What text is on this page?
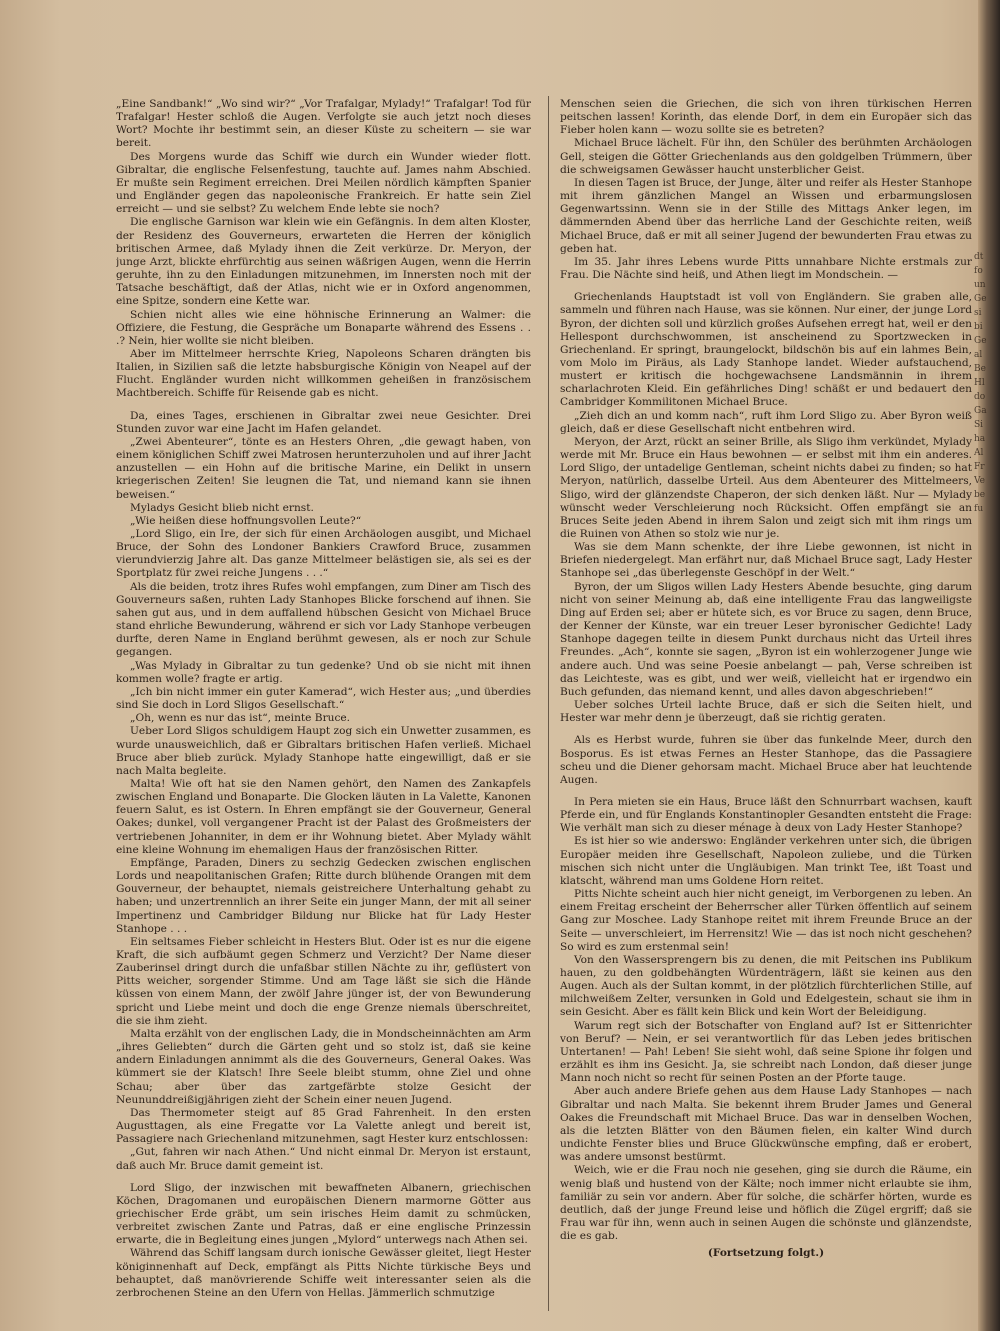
„Eine Sandbank!“ „Wo sind wir?“ „Vor Trafalgar, Mylady!“ Trafalgar! Tod für Trafalgar! Hester schloß die Augen. Verfolgte sie auch jetzt noch dieses Wort? Mochte ihr bestimmt sein, an dieser Küste zu scheitern — sie war bereit.

Des Morgens wurde das Schiff wie durch ein Wunder wieder flott. Gibraltar, die englische Felsenfestung, tauchte auf. James nahm Abschied. Er mußte sein Regiment erreichen. Drei Meilen nördlich kämpften Spanier und Engländer gegen das napoleonische Frankreich. Er hatte sein Ziel erreicht — und sie selbst? Zu welchem Ende lebte sie noch?

Die englische Garnison war klein wie ein Gefängnis. In dem alten Kloster, der Residenz des Gouverneurs, erwarteten die Herren der königlich britischen Armee, daß Mylady ihnen die Zeit verkürze. Dr. Meryon, der junge Arzt, blickte ehrfürchtig aus seinen wäßrigen Augen, wenn die Herrin geruhte, ihn zu den Einladungen mitzunehmen, im Innersten noch mit der Tatsache beschäftigt, daß der Atlas, nicht wie er in Oxford angenommen, eine Spitze, sondern eine Kette war.

Schien nicht alles wie eine höhnische Erinnerung an Walmer: die Offiziere, die Festung, die Gespräche um Bonaparte während des Essens . . .? Nein, hier wollte sie nicht bleiben.

Aber im Mittelmeer herrschte Krieg, Napoleons Scharen drängten bis Italien, in Sizilien saß die letzte habsburgische Königin von Neapel auf der Flucht. Engländer wurden nicht willkommen geheißen in französischem Machtbereich. Schiffe für Reisende gab es nicht.

Da, eines Tages, erschienen in Gibraltar zwei neue Gesichter. Drei Stunden zuvor war eine Jacht im Hafen gelandet.

„Zwei Abenteurer“, tönte es an Hesters Ohren, „die gewagt haben, von einem königlichen Schiff zwei Matrosen herunterzuholen und auf ihrer Jacht anzustellen — ein Hohn auf die britische Marine, ein Delikt in unsern kriegerischen Zeiten! Sie leugnen die Tat, und niemand kann sie ihnen beweisen.“

Myladys Gesicht blieb nicht ernst.

„Wie heißen diese hoffnungsvollen Leute?“

„Lord Sligo, ein Ire, der sich für einen Archäologen ausgibt, und Michael Bruce, der Sohn des Londoner Bankiers Crawford Bruce, zusammen vierundvierzig Jahre alt. Das ganze Mittelmeer belästigen sie, als sei es der Sportplatz für zwei reiche Jungens . . .“

Als die beiden, trotz ihres Rufes wohl empfangen, zum Diner am Tisch des Gouverneurs saßen, ruhten Lady Stanhopes Blicke forschend auf ihnen. Sie sahen gut aus, und in dem auffallend hübschen Gesicht von Michael Bruce stand ehrliche Bewunderung, während er sich vor Lady Stanhope verbeugen durfte, deren Name in England berühmt gewesen, als er noch zur Schule gegangen.

„Was Mylady in Gibraltar zu tun gedenke? Und ob sie nicht mit ihnen kommen wolle? fragte er artig.

„Ich bin nicht immer ein guter Kamerad“, wich Hester aus; „und überdies sind Sie doch in Lord Sligos Gesellschaft.“

„Oh, wenn es nur das ist“, meinte Bruce.

Ueber Lord Sligos schuldigem Haupt zog sich ein Unwetter zusammen, es wurde unausweichlich, daß er Gibraltars britischen Hafen verließ. Michael Bruce aber blieb zurück. Mylady Stanhope hatte eingewilligt, daß er sie nach Malta begleite.

Malta! Wie oft hat sie den Namen gehört, den Namen des Zankapfels zwischen England und Bonaparte. Die Glocken läuten in La Valette, Kanonen feuern Salut, es ist Ostern. In Ehren empfängt sie der Gouverneur, General Oakes; dunkel, voll vergangener Pracht ist der Palast des Großmeisters der vertriebenen Johanniter, in dem er ihr Wohnung bietet. Aber Mylady wählt eine kleine Wohnung im ehemaligen Haus der französischen Ritter.

Empfänge, Paraden, Diners zu sechzig Gedecken zwischen englischen Lords und neapolitanischen Grafen; Ritte durch blühende Orangen mit dem Gouverneur, der behauptet, niemals geistreichere Unterhaltung gehabt zu haben; und unzertrennlich an ihrer Seite ein junger Mann, der mit all seiner Impertinenz und Cambridger Bildung nur Blicke hat für Lady Hester Stanhope . . .

Ein seltsames Fieber schleicht in Hesters Blut. Oder ist es nur die eigene Kraft, die sich aufbäumt gegen Schmerz und Verzicht? Der Name dieser Zauberinsel dringt durch die unfaßbar stillen Nächte zu ihr, geflüstert von Pitts weicher, sorgender Stimme. Und am Tage läßt sie sich die Hände küssen von einem Mann, der zwölf Jahre jünger ist, der von Bewunderung spricht und Liebe meint und doch die enge Grenze niemals überschreitet, die sie ihm zieht.

Malta erzählt von der englischen Lady, die in Mondscheinnächten am Arm „ihres Geliebten“ durch die Gärten geht und so stolz ist, daß sie keine andern Einladungen annimmt als die des Gouverneurs, General Oakes. Was kümmert sie der Klatsch! Ihre Seele bleibt stumm, ohne Ziel und ohne Schau; aber über das zartgefärbte stolze Gesicht der Neununddreißigjährigen zieht der Schein einer neuen Jugend.

Das Thermometer steigt auf 85 Grad Fahrenheit. In den ersten Augusttagen, als eine Fregatte vor La Valette anlegt und bereit ist, Passagiere nach Griechenland mitzunehmen, sagt Hester kurz entschlossen:

„Gut, fahren wir nach Athen.“ Und nicht einmal Dr. Meryon ist erstaunt, daß auch Mr. Bruce damit gemeint ist.

Lord Sligo, der inzwischen mit bewaffneten Albanern, griechischen Köchen, Dragomanen und europäischen Dienern marmorne Götter aus griechischer Erde gräbt, um sein irisches Heim damit zu schmücken, verbreitet zwischen Zante und Patras, daß er eine englische Prinzessin erwarte, die in Begleitung eines jungen „Mylord“ unterwegs nach Athen sei.

Während das Schiff langsam durch ionische Gewässer gleitet, liegt Hester königinnenhaft auf Deck, empfängt als Pitts Nichte türkische Beys und behauptet, daß manövrierende Schiffe weit interessanter seien als die zerbrochenen Steine an den Ufern von Hellas. Jämmerlich schmutzige

Menschen seien die Griechen, die sich von ihren türkischen Herren peitschen lassen! Korinth, das elende Dorf, in dem ein Europäer sich das Fieber holen kann — wozu sollte sie es betreten?

Michael Bruce lächelt. Für ihn, den Schüler des berühmten Archäologen Gell, steigen die Götter Griechenlands aus den goldgelben Trümmern, über die schweigsamen Gewässer haucht unsterblicher Geist.

In diesen Tagen ist Bruce, der Junge, älter und reifer als Hester Stanhope mit ihrem gänzlichen Mangel an Wissen und erbarmungslosen Gegenwartssinn. Wenn sie in der Stille des Mittags Anker legen, im dämmernden Abend über das herrliche Land der Geschichte reiten, weiß Michael Bruce, daß er mit all seiner Jugend der bewunderten Frau etwas zu geben hat.

Im 35. Jahr ihres Lebens wurde Pitts unnahbare Nichte erstmals zur Frau. Die Nächte sind heiß, und Athen liegt im Mondschein. —

Griechenlands Hauptstadt ist voll von Engländern. Sie graben alle, sammeln und führen nach Hause, was sie können. Nur einer, der junge Lord Byron, der dichten soll und kürzlich großes Aufsehen erregt hat, weil er den Hellespont durchschwommen, ist anscheinend zu Sportzwecken in Griechenland. Er springt, braungelockt, bildschön bis auf ein lahmes Bein, vom Molo im Piräus, als Lady Stanhope landet. Wieder aufstauchend, mustert er kritisch die hochgewachsene Landsmännin in ihrem scharlachroten Kleid. Ein gefährliches Ding! schäßt er und bedauert den Cambridger Kommilitonen Michael Bruce.

„Zieh dich an und komm nach“, ruft ihm Lord Sligo zu. Aber Byron weiß gleich, daß er diese Gesellschaft nicht entbehren wird.

Meryon, der Arzt, rückt an seiner Brille, als Sligo ihm verkündet, Mylady werde mit Mr. Bruce ein Haus bewohnen — er selbst mit ihm ein anderes. Lord Sligo, der untadelige Gentleman, scheint nichts dabei zu finden; so hat Meryon, natürlich, dasselbe Urteil. Aus dem Abenteurer des Mittelmeers, Sligo, wird der glänzendste Chaperon, der sich denken läßt. Nur — Mylady wünscht weder Verschleierung noch Rücksicht. Offen empfängt sie an Bruces Seite jeden Abend in ihrem Salon und zeigt sich mit ihm rings um die Ruinen von Athen so stolz wie nur je.

Was sie dem Mann schenkte, der ihre Liebe gewonnen, ist nicht in Briefen niedergelegt. Man erfährt nur, daß Michael Bruce sagt, Lady Hester Stanhope sei „das überlegenste Geschöpf in der Welt.“

Byron, der um Sligos willen Lady Hesters Abende besuchte, ging darum nicht von seiner Meinung ab, daß eine intelligente Frau das langweiligste Ding auf Erden sei; aber er hütete sich, es vor Bruce zu sagen, denn Bruce, der Kenner der Künste, war ein treuer Leser byronischer Gedichte! Lady Stanhope dagegen teilte in diesem Punkt durchaus nicht das Urteil ihres Freundes. „Ach“, konnte sie sagen, „Byron ist ein wohlerzogener Junge wie andere auch. Und was seine Poesie anbelangt — pah, Verse schreiben ist das Leichteste, was es gibt, und wer weiß, vielleicht hat er irgendwo ein Buch gefunden, das niemand kennt, und alles davon abgeschrieben!“

Ueber solches Urteil lachte Bruce, daß er sich die Seiten hielt, und Hester war mehr denn je überzeugt, daß sie richtig geraten.

Als es Herbst wurde, fuhren sie über das funkelnde Meer, durch den Bosporus. Es ist etwas Fernes an Hester Stanhope, das die Passagiere scheu und die Diener gehorsam macht. Michael Bruce aber hat leuchtende Augen.

In Pera mieten sie ein Haus, Bruce läßt den Schnurrbart wachsen, kauft Pferde ein, und für Englands Konstantinopler Gesandten entsteht die Frage: Wie verhält man sich zu dieser ménage à deux von Lady Hester Stanhope?

Es ist hier so wie anderswo: Engländer verkehren unter sich, die übrigen Europäer meiden ihre Gesellschaft, Napoleon zuliebe, und die Türken mischen sich nicht unter die Ungläubigen. Man trinkt Tee, ißt Toast und klatscht, während man ums Goldene Horn reitet.

Pitts Nichte scheint auch hier nicht geneigt, im Verborgenen zu leben. An einem Freitag erscheint der Beherrscher aller Türken öffentlich auf seinem Gang zur Moschee. Lady Stanhope reitet mit ihrem Freunde Bruce an der Seite — unverschleiert, im Herrensitz! Wie — das ist noch nicht geschehen? So wird es zum erstenmal sein!

Von den Wassersprengern bis zu denen, die mit Peitschen ins Publikum hauen, zu den goldbehängten Würdenträgern, läßt sie keinen aus den Augen. Auch als der Sultan kommt, in der plötzlich fürchterlichen Stille, auf milchweißem Zelter, versunken in Gold und Edelgestein, schaut sie ihm in sein Gesicht. Aber es fällt kein Blick und kein Wort der Beleidigung.

Warum regt sich der Botschafter von England auf? Ist er Sittenrichter von Beruf? — Nein, er sei verantwortlich für das Leben jedes britischen Untertanen! — Pah! Leben! Sie sieht wohl, daß seine Spione ihr folgen und erzählt es ihm ins Gesicht. Ja, sie schreibt nach London, daß dieser junge Mann noch nicht so recht für seinen Posten an der Pforte tauge.

Aber auch andere Briefe gehen aus dem Hause Lady Stanhopes — nach Gibraltar und nach Malta. Sie bekennt ihrem Bruder James und General Oakes die Freundschaft mit Michael Bruce. Das war in denselben Wochen, als die letzten Blätter von den Bäumen fielen, ein kalter Wind durch undichte Fenster blies und Bruce Glückwünsche empfing, daß er erobert, was andere umsonst bestürmt.

Weich, wie er die Frau noch nie gesehen, ging sie durch die Räume, ein wenig blaß und hustend von der Kälte; noch immer nicht erlaubte sie ihm, familiär zu sein vor andern. Aber für solche, die schärfer hörten, wurde es deutlich, daß der junge Freund leise und höflich die Zügel ergriff; daß sie Frau war für ihn, wenn auch in seinen Augen die schönste und glänzendste, die es gab.

(Fortsetzung folgt.)

dt
fo
un
Ge
si
bi
Ge
al
Be
Hl
do
Ga
Si
ha
Al
Fr
Ve
be
fu
